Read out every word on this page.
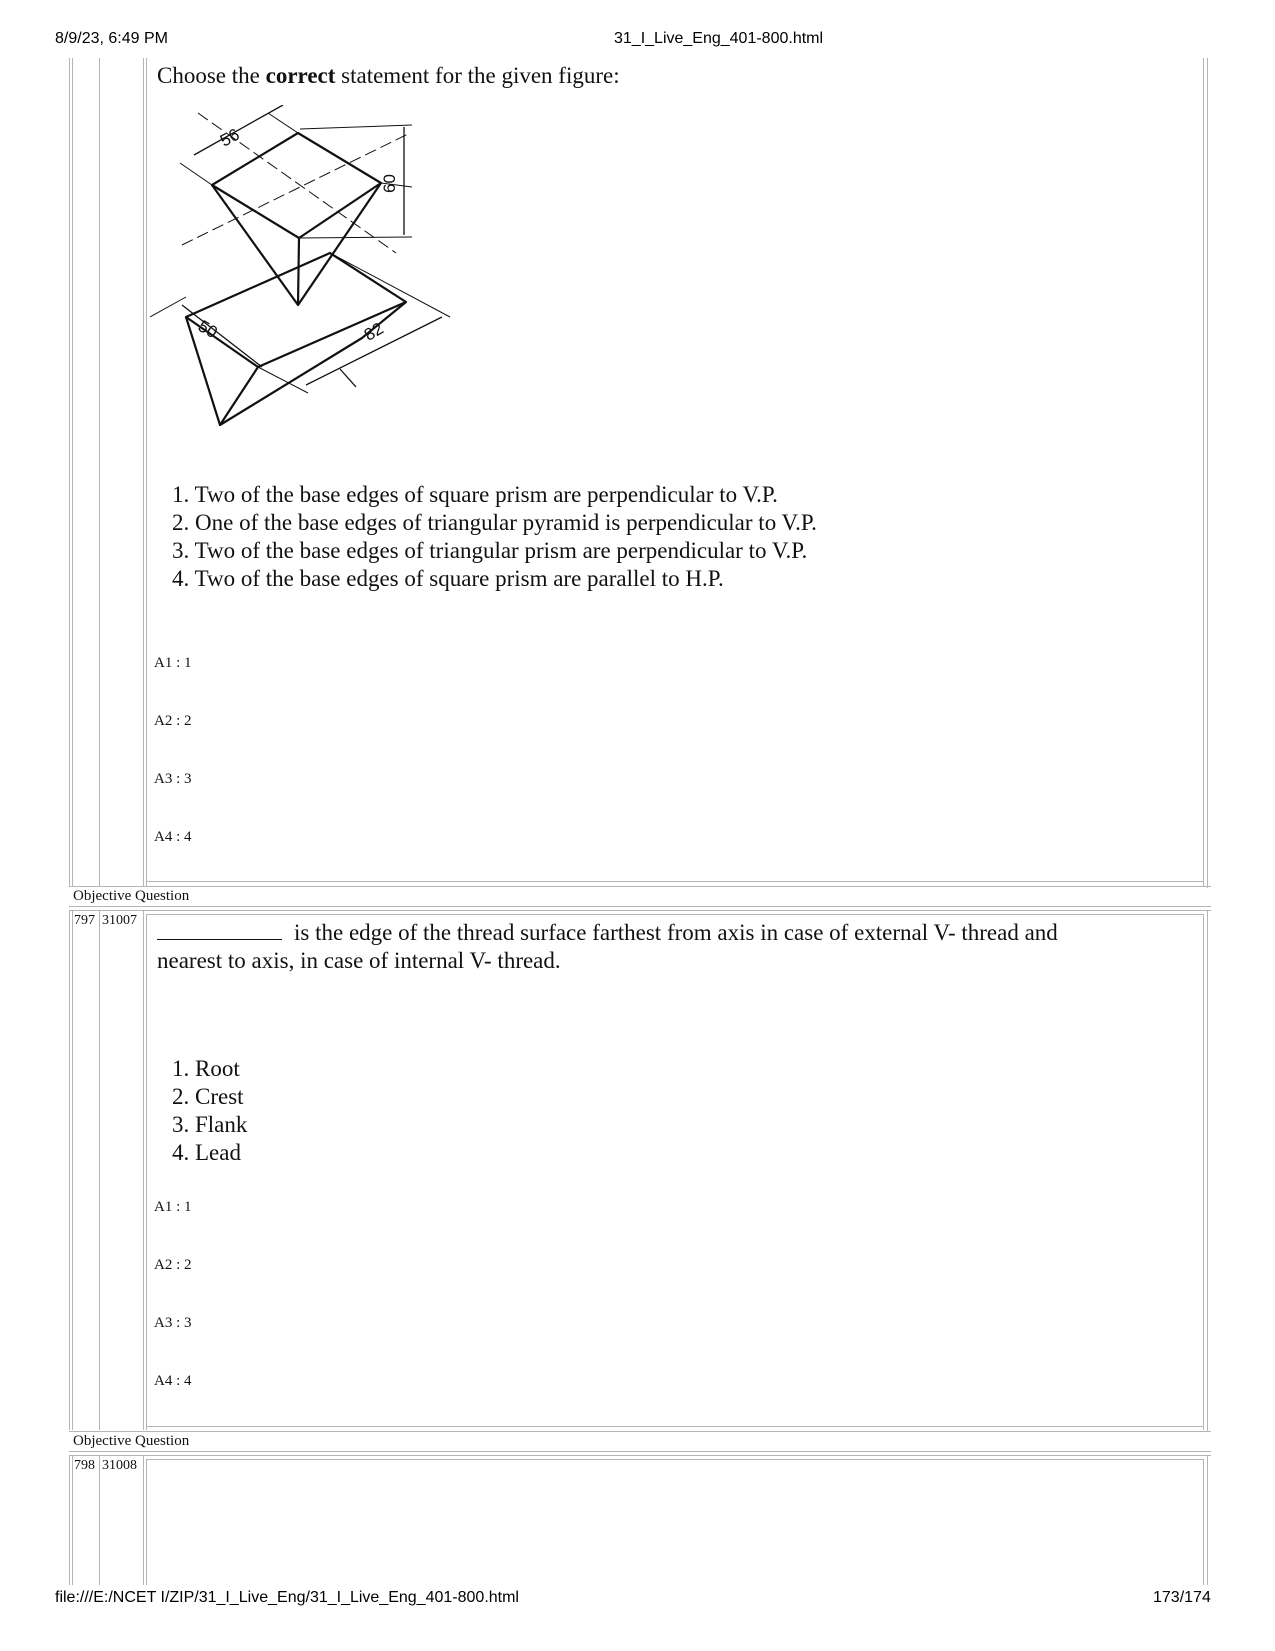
8/9/23, 6:49 PM	31_I_Live_Eng_401-800.html
Choose the correct statement for the given figure:
56
60
50	82
1. Two of the base edges of square prism are perpendicular to V.P.
2. One of the base edges of triangular pyramid is perpendicular to V.P.
3. Two of the base edges of triangular prism are perpendicular to V.P.
4. Two of the base edges of square prism are parallel to H.P.
A1 : 1
A2 : 2
A3 : 3
A4 : 4
Objective Question
797 31007	is the edge of the thread surface farthest from axis in case of external V- thread and
nearest to axis, in case of internal V- thread.
1. Root
2. Crest
3. Flank
4. Lead
A1 : 1
A2 : 2
A3 : 3
A4 : 4
Objective Question
798 31008
file:///E:/NCET I/ZIP/31_I_Live_Eng/31_I_Live_Eng_401-800.html	173/174
